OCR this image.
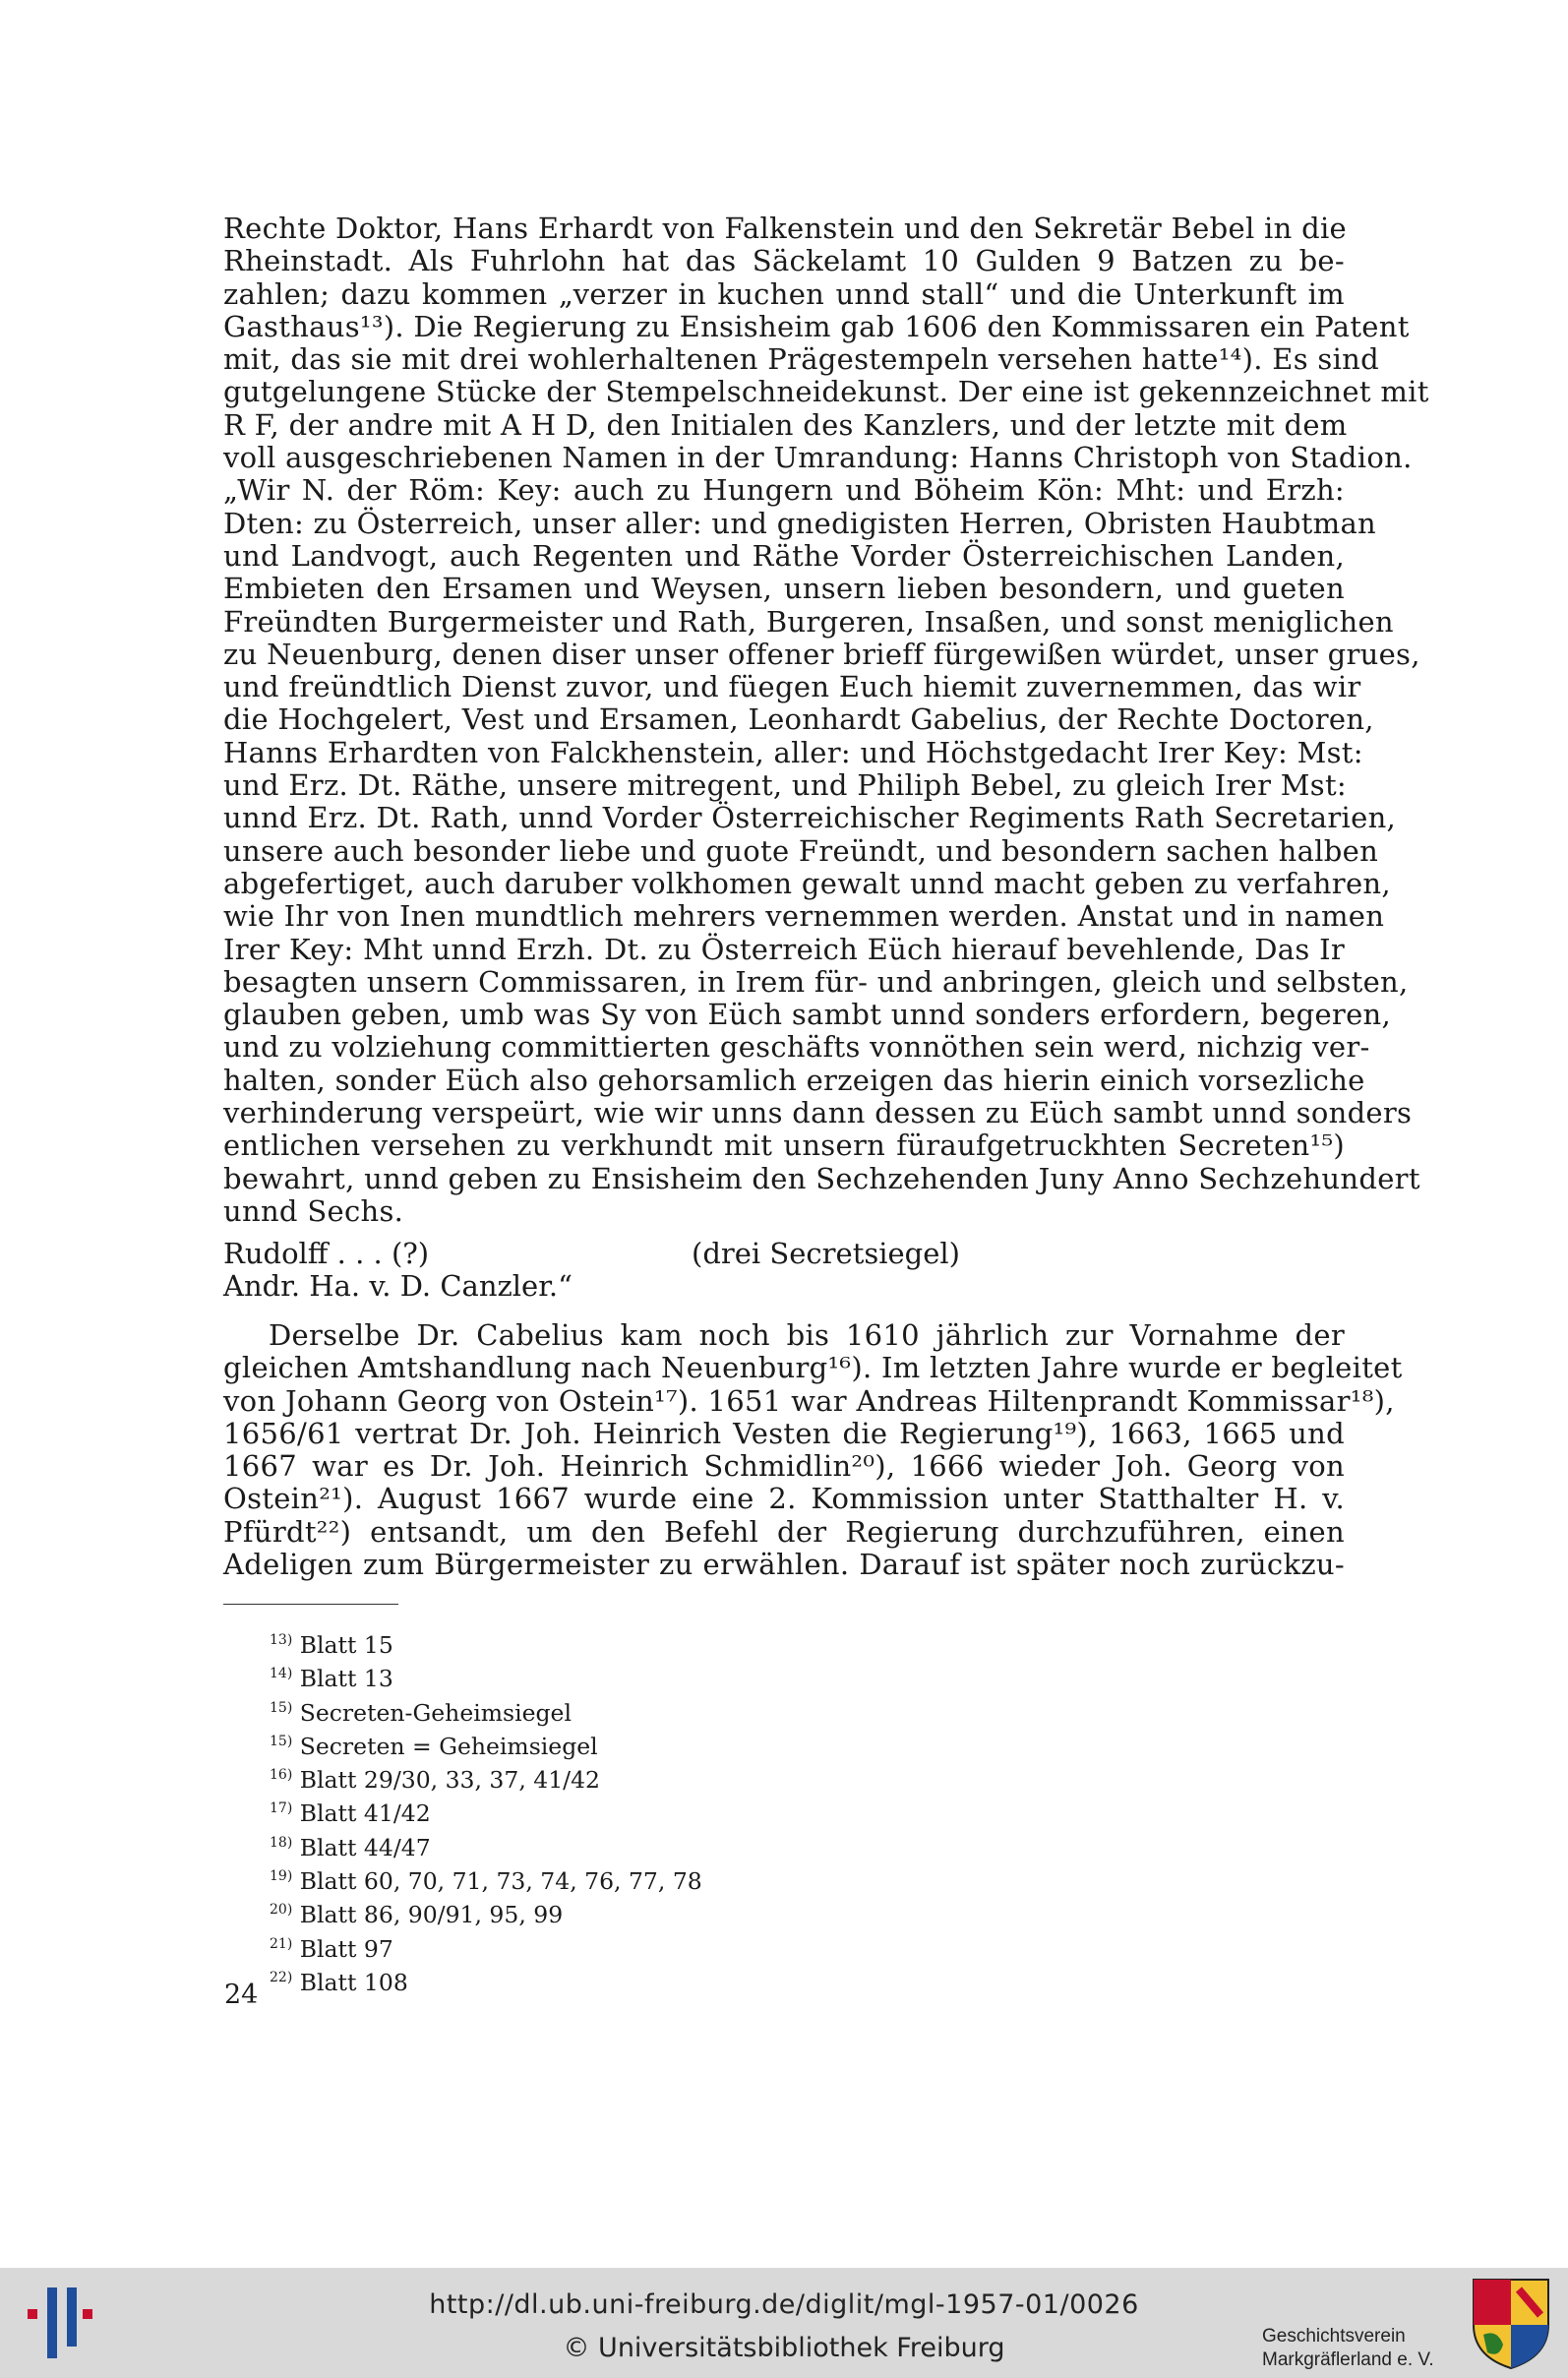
Rechte Doktor, Hans Erhardt von Falkenstein und den Sekretär Bebel in die
Rheinstadt. Als Fuhrlohn hat das Säckelamt 10 Gulden 9 Batzen zu be-
zahlen; dazu kommen „verzer in kuchen unnd stall“ und die Unterkunft im
Gasthaus¹³). Die Regierung zu Ensisheim gab 1606 den Kommissaren ein Patent
mit, das sie mit drei wohlerhaltenen Prägestempeln versehen hatte¹⁴). Es sind
gutgelungene Stücke der Stempelschneidekunst. Der eine ist gekennzeichnet mit
R F, der andre mit A H D, den Initialen des Kanzlers, und der letzte mit dem
voll ausgeschriebenen Namen in der Umrandung: Hanns Christoph von Stadion.
„Wir N. der Röm: Key: auch zu Hungern und Böheim Kön: Mht: und Erzh:
Dten: zu Österreich, unser aller: und gnedigisten Herren, Obristen Haubtman
und Landvogt, auch Regenten und Räthe Vorder Österreichischen Landen,
Embieten den Ersamen und Weysen, unsern lieben besondern, und gueten
Freündten Burgermeister und Rath, Burgeren, Insaßen, und sonst meniglichen
zu Neuenburg, denen diser unser offener brieff fürgewißen würdet, unser grues,
und freündtlich Dienst zuvor, und füegen Euch hiemit zuvernemmen, das wir
die Hochgelert, Vest und Ersamen, Leonhardt Gabelius, der Rechte Doctoren,
Hanns Erhardten von Falckhenstein, aller: und Höchstgedacht Irer Key: Mst:
und Erz. Dt. Räthe, unsere mitregent, und Philiph Bebel, zu gleich Irer Mst:
unnd Erz. Dt. Rath, unnd Vorder Österreichischer Regiments Rath Secretarien,
unsere auch besonder liebe und guote Freündt, und besondern sachen halben
abgefertiget, auch daruber volkhomen gewalt unnd macht geben zu verfahren,
wie Ihr von Inen mundtlich mehrers vernemmen werden. Anstat und in namen
Irer Key: Mht unnd Erzh. Dt. zu Österreich Eüch hierauf bevehlende, Das Ir
besagten unsern Commissaren, in Irem für- und anbringen, gleich und selbsten,
glauben geben, umb was Sy von Eüch sambt unnd sonders erfordern, begeren,
und zu volziehung committierten geschäfts vonnöthen sein werd, nichzig ver-
halten, sonder Eüch also gehorsamlich erzeigen das hierin einich vorsezliche
verhinderung verspeürt, wie wir unns dann dessen zu Eüch sambt unnd sonders
entlichen versehen zu verkhundt mit unsern füraufgetruckhten Secreten¹⁵)
bewahrt, unnd geben zu Ensisheim den Sechzehenden Juny Anno Sechzehundert
unnd Sechs.
Rudolff . . . (?)	(drei Secretsiegel)
Andr. Ha. v. D. Canzler.“
Derselbe Dr. Cabelius kam noch bis 1610 jährlich zur Vornahme der
gleichen Amtshandlung nach Neuenburg¹⁶). Im letzten Jahre wurde er begleitet
von Johann Georg von Ostein¹⁷). 1651 war Andreas Hiltenprandt Kommissar¹⁸),
1656/61 vertrat Dr. Joh. Heinrich Vesten die Regierung¹⁹), 1663, 1665 und
1667 war es Dr. Joh. Heinrich Schmidlin²⁰), 1666 wieder Joh. Georg von
Ostein²¹). August 1667 wurde eine 2. Kommission unter Statthalter H. v.
Pfürdt²²) entsandt, um den Befehl der Regierung durchzuführen, einen
Adeligen zum Bürgermeister zu erwählen. Darauf ist später noch zurückzu-
$^{13)}$ Blatt 15
$^{14)}$ Blatt 13
$^{15)}$ Secreten-Geheimsiegel
$^{15)}$ Secreten = Geheimsiegel
$^{16)}$ Blatt 29/30, 33, 37, 41/42
$^{17)}$ Blatt 41/42
$^{18)}$ Blatt 44/47
$^{19)}$ Blatt 60, 70, 71, 73, 74, 76, 77, 78
$^{20)}$ Blatt 86, 90/91, 95, 99
$^{21)}$ Blatt 97
$^{22)}$ Blatt 108
24
http://dl.ub.uni-freiburg.de/diglit/mgl-1957-01/0026
© Universitätsbibliothek Freiburg	Geschichtsverein
Markgräflerland e. V.
